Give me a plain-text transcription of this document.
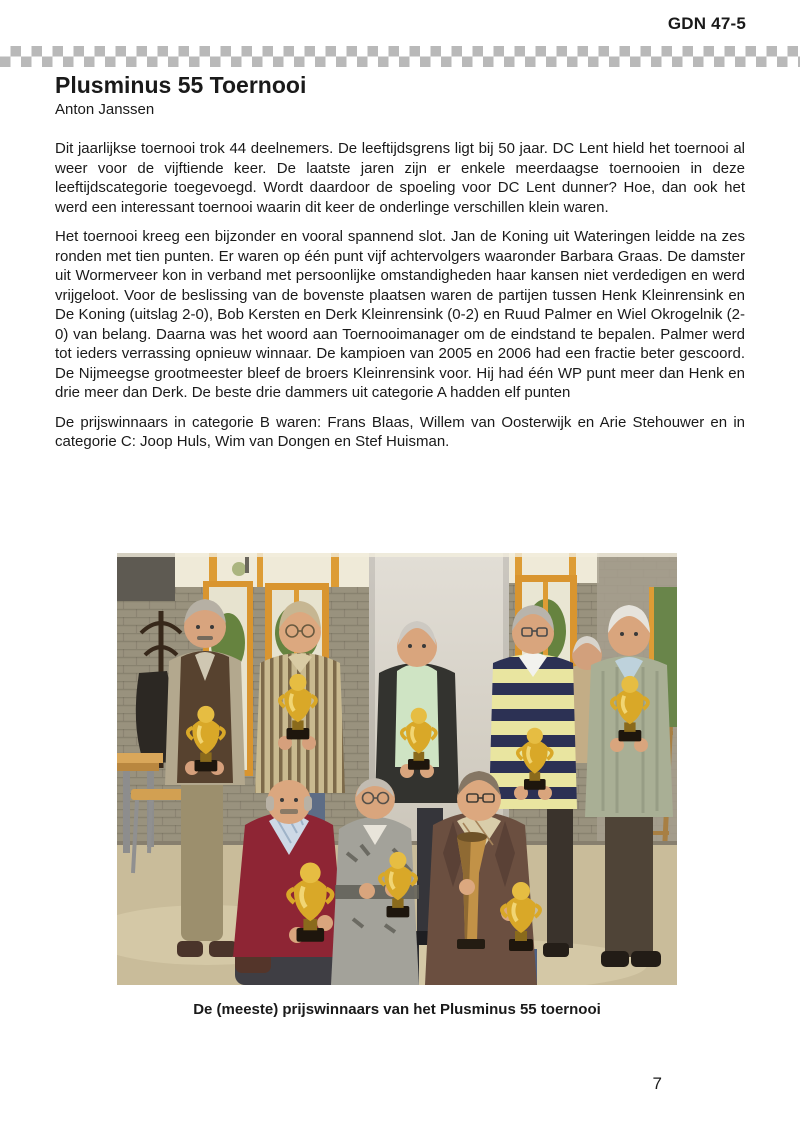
GDN 47-5
Plusminus 55 Toernooi
Anton Janssen

Dit jaarlijkse toernooi trok 44 deelnemers. De leeftijdsgrens ligt bij 50 jaar. DC Lent hield het toernooi al weer voor de vijftiende keer. De laatste jaren zijn er enkele meerdaagse toernooien in deze leeftijdscategorie toegevoegd. Wordt daardoor de spoeling voor DC Lent dunner? Hoe, dan ook het werd een interessant toernooi waarin dit keer de onderlinge verschillen klein waren.

Het toernooi kreeg een bijzonder en vooral spannend slot. Jan de Koning uit Wateringen leidde na zes ronden met tien punten. Er waren op één punt vijf achtervolgers waaronder Barbara Graas. De damster uit Wormerveer kon in verband met persoonlijke omstandigheden haar kansen niet verdedigen en werd vrijgeloot. Voor de beslissing van de bovenste plaatsen waren de partijen tussen Henk Kleinrensink en De Koning (uitslag 2-0), Bob Kersten en Derk Kleinrensink (0-2) en Ruud Palmer en Wiel Okrogelnik (2-0) van belang. Daarna was het woord aan Toernooimanager om de eindstand te bepalen. Palmer werd tot ieders verrassing opnieuw winnaar. De kampioen van 2005 en 2006 had een fractie beter gescoord. De Nijmeegse grootmeester bleef de broers Kleinrensink voor. Hij had één WP punt meer dan Henk en drie meer dan Derk. De beste drie dammers uit categorie A hadden elf punten

De prijswinnaars in categorie B waren: Frans Blaas, Willem van Oosterwijk en Arie Stehouwer en in categorie C: Joop Huls, Wim van Dongen en Stef Huisman.

De (meeste) prijswinnaars van het Plusminus 55 toernooi
7
